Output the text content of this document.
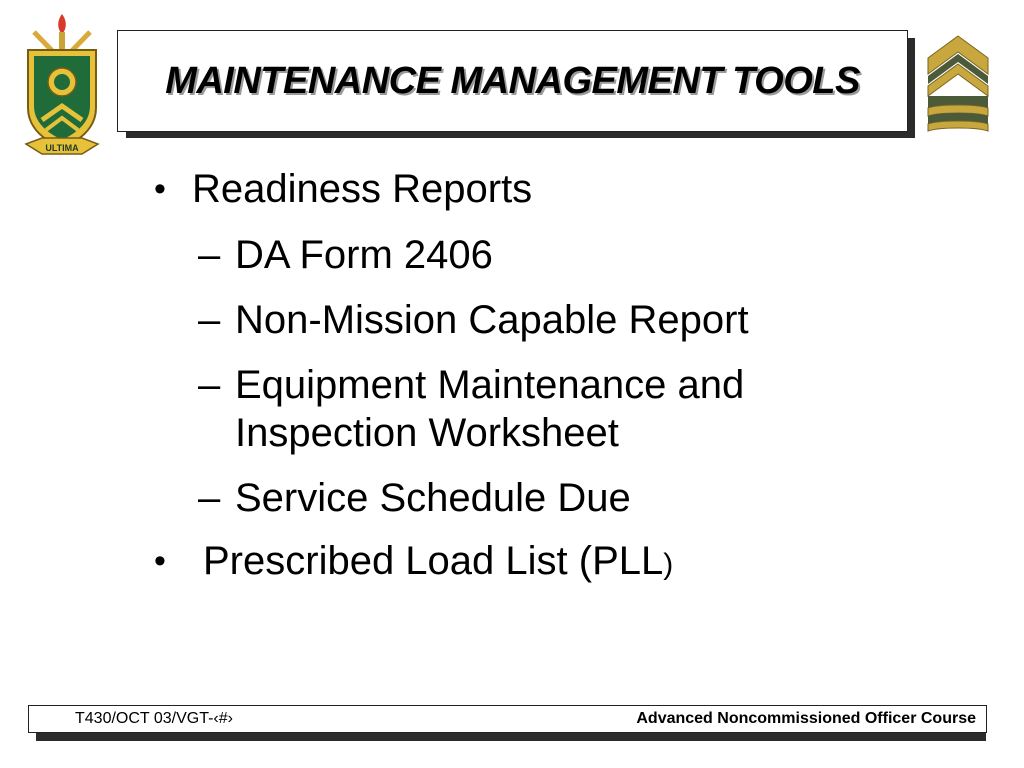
ULTIMA
MAINTENANCE MANAGEMENT TOOLS
• Readiness Reports
– DA Form 2406
– Non-Mission Capable Report
– Equipment Maintenance and Inspection Worksheet
– Service Schedule Due
• Prescribed Load List (PLL)
T430/OCT 03/VGT-‹#›	Advanced Noncommissioned Officer Course
